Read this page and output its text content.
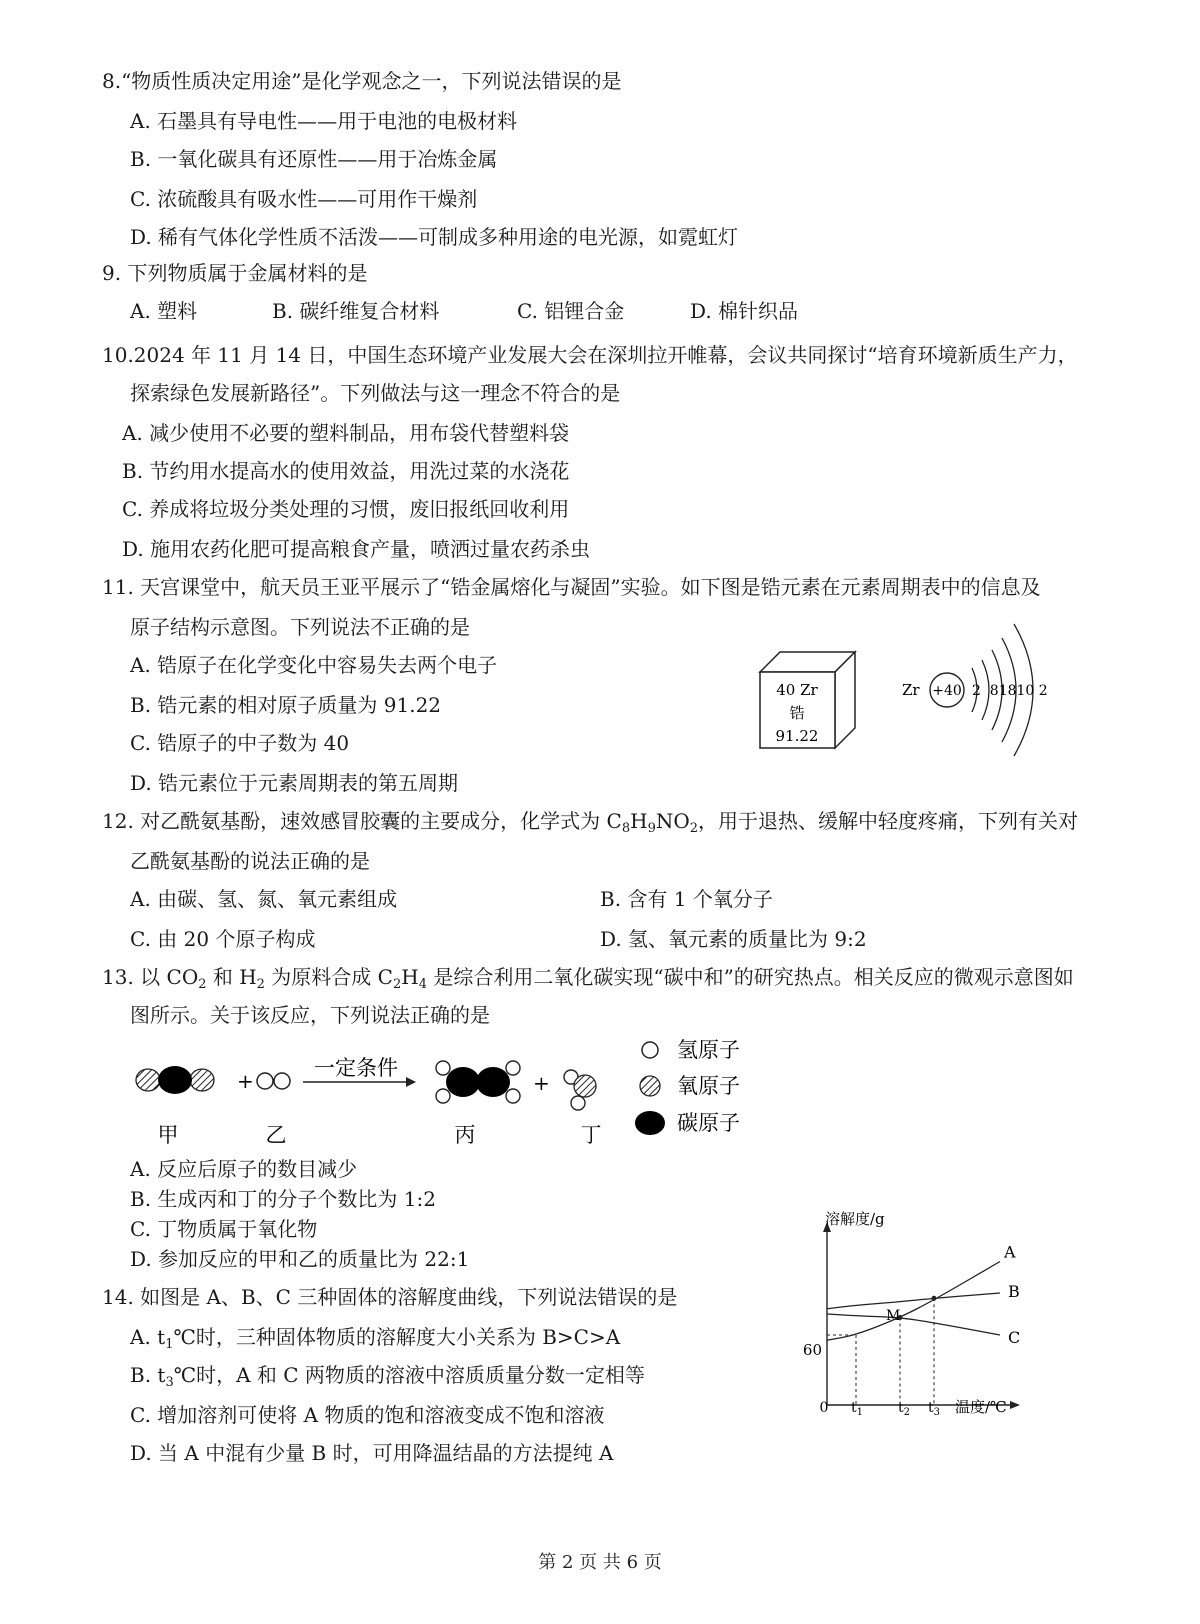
8.“物质性质决定用途”是化学观念之一，下列说法错误的是
A. 石墨具有导电性——用于电池的电极材料
B. 一氧化碳具有还原性——用于冶炼金属
C. 浓硫酸具有吸水性——可用作干燥剂
D. 稀有气体化学性质不活泼——可制成多种用途的电光源，如霓虹灯
9. 下列物质属于金属材料的是
A. 塑料	B. 碳纤维复合材料	C. 铝锂合金	D. 棉针织品
10.2024 年 11 月 14 日，中国生态环境产业发展大会在深圳拉开帷幕，会议共同探讨“培育环境新质生产力，
探索绿色发展新路径”。下列做法与这一理念不符合的是
A. 减少使用不必要的塑料制品，用布袋代替塑料袋
B. 节约用水提高水的使用效益，用洗过菜的水浇花
C. 养成将垃圾分类处理的习惯，废旧报纸回收利用
D. 施用农药化肥可提高粮食产量，喷洒过量农药杀虫
11. 天宫课堂中，航天员王亚平展示了“锆金属熔化与凝固”实验。如下图是锆元素在元素周期表中的信息及
原子结构示意图。下列说法不正确的是
A. 锆原子在化学变化中容易失去两个电子
B. 锆元素的相对原子质量为 91.22
C. 锆原子的中子数为 40
D. 锆元素位于元素周期表的第五周期
40 Zr
锆
91.22
Zr +40 2  81810 2
12. 对乙酰氨基酚，速效感冒胶囊的主要成分，化学式为 $C_8H_9NO_2$，用于退热、缓解中轻度疼痛，下列有关对
乙酰氨基酚的说法正确的是
A. 由碳、氢、氮、氧元素组成	B. 含有 1 个氧分子
C. 由 20 个原子构成	D. 氢、氧元素的质量比为 9:2
13. 以 $CO_2$ 和 $H_2$ 为原料合成 $C_2H_4$ 是综合利用二氧化碳实现“碳中和”的研究热点。相关反应的微观示意图如
图所示。关于该反应，下列说法正确的是
+
一定条件
+
甲	乙	丙	丁
氢原子
氧原子
碳原子
A. 反应后原子的数目减少
B. 生成丙和丁的分子个数比为 1:2
C. 丁物质属于氧化物
D. 参加反应的甲和乙的质量比为 22:1
14. 如图是 A、B、C 三种固体的溶解度曲线，下列说法错误的是
A. $t_1℃$时，三种固体物质的溶解度大小关系为 B>C>A
B. $t_3℃$时，A 和 C 两物质的溶液中溶质质量分数一定相等
C. 增加溶剂可使将 A 物质的饱和溶液变成不饱和溶液
D. 当 A 中混有少量 B 时，可用降温结晶的方法提纯 A
溶解度/g
温度/℃
0 $t_1$ $t_2$ $t_3$
60
A
B
C
M
第 2 页 共 6 页
